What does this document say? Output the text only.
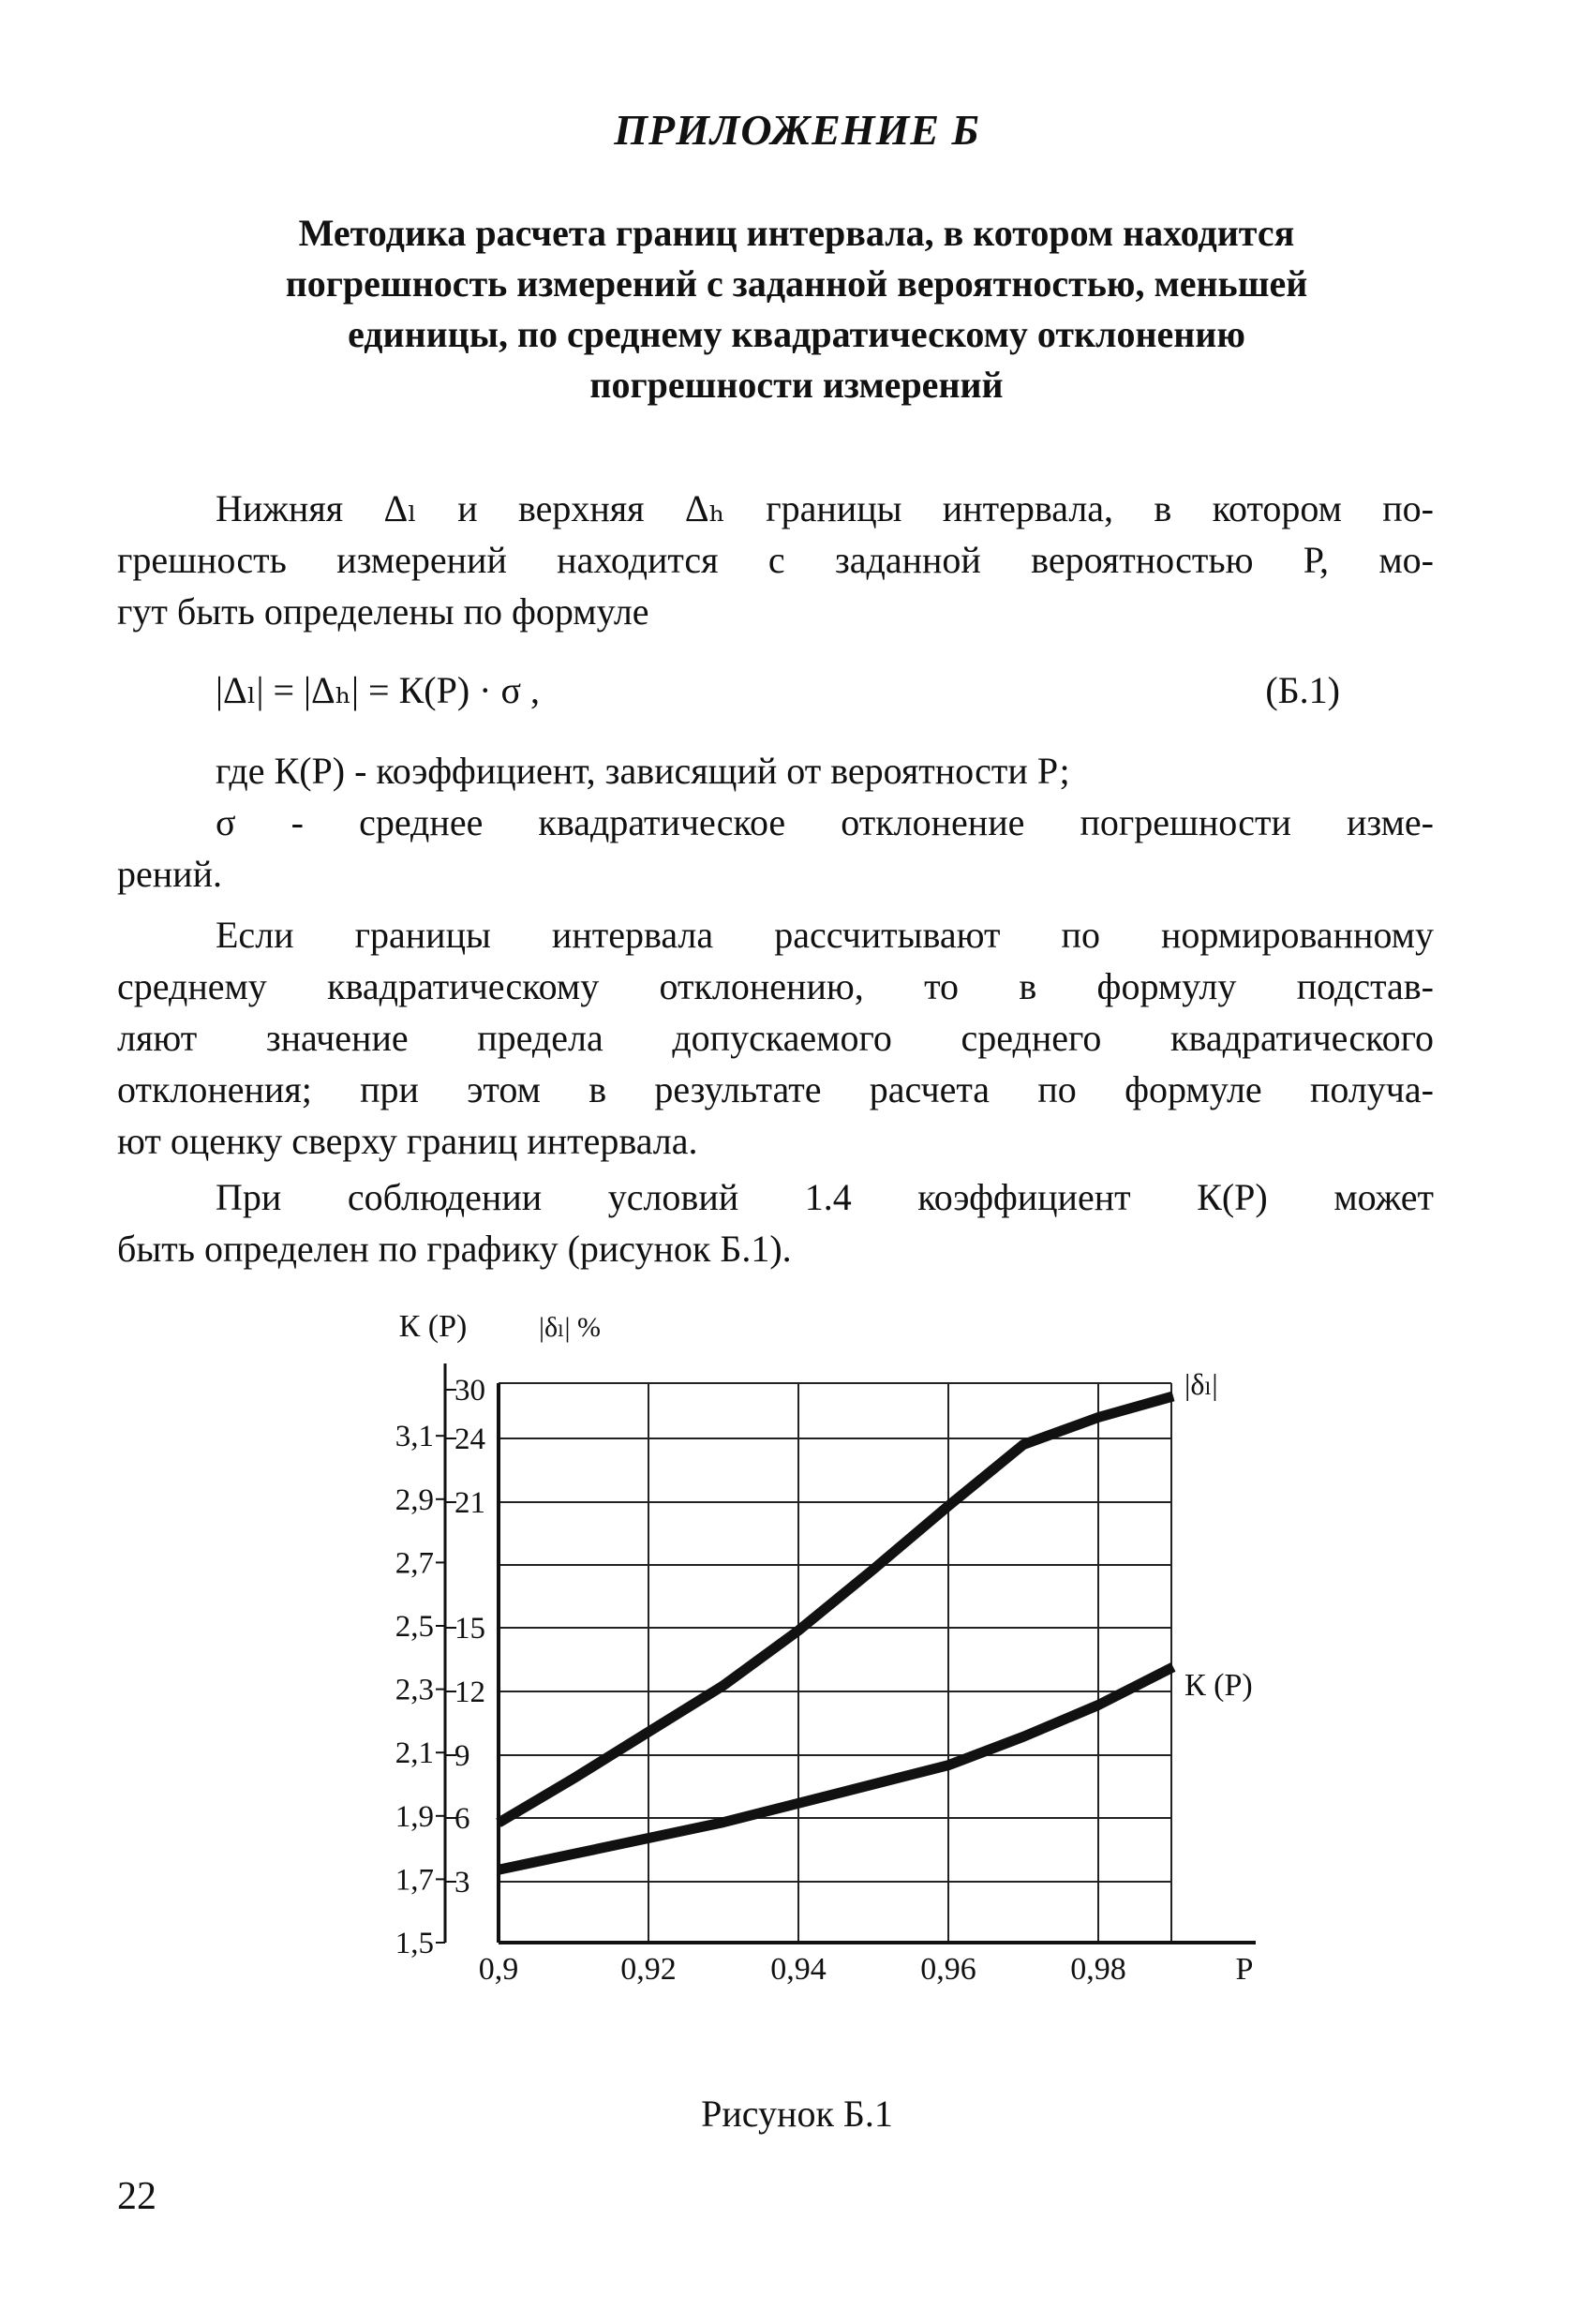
ПРИЛОЖЕНИЕ Б
Методика расчета границ интервала, в котором находится
погрешность измерений с заданной вероятностью, меньшей
единицы, по среднему квадратическому отклонению
погрешности измерений
Нижняя Δₗ и верхняя Δₕ границы интервала, в котором по-
грешность измерений находится с заданной вероятностью Р, мо-
гут быть определены по формуле
|Δₗ| = |Δₕ| = К(Р) · σ ,	(Б.1)
где К(Р) - коэффициент, зависящий от вероятности Р;
σ - среднее квадратическое отклонение погрешности изме-
рений.
Если границы интервала рассчитывают по нормированному
среднему квадратическому отклонению, то в формулу подстав-
ляют значение предела допускаемого среднего квадратического
отклонения; при этом в результате расчета по формуле получа-
ют оценку сверху границ интервала.
При соблюдении условий 1.4 коэффициент К(Р) может
быть определен по графику (рисунок Б.1).
0,9	0,92	0,94	0,96	0,98	Р
3
6
9
12
15
21
24
30
1,5
1,7
1,9
2,1
2,3
2,5
2,7
2,9
3,1
К (Р)	|δₗ| %
|δₗ|
К (Р)
Рисунок Б.1
22
